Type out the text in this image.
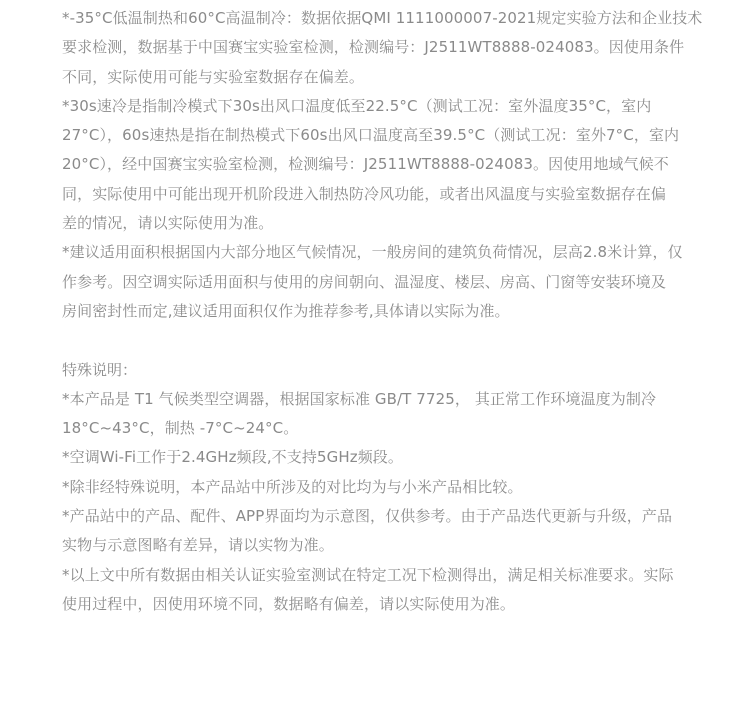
*-35°C低温制热和60°C高温制冷：数据依据QMI 1111000007-2021规定实验方法和企业技术
要求检测，数据基于中国赛宝实验室检测，检测编号：J2511WT8888-024083。因使用条件
不同，实际使用可能与实验室数据存在偏差。
*30s速冷是指制冷模式下30s出风口温度低至22.5°C（测试工况：室外温度35°C，室内
27°C），60s速热是指在制热模式下60s出风口温度高至39.5°C（测试工况：室外7°C，室内
20°C），经中国赛宝实验室检测，检测编号：J2511WT8888-024083。因使用地域气候不
同，实际使用中可能出现开机阶段进入制热防冷风功能，或者出风温度与实验室数据存在偏
差的情况，请以实际使用为准。
*建议适用面积根据国内大部分地区气候情况，一般房间的建筑负荷情况，层高2.8米计算，仅
作参考。因空调实际适用面积与使用的房间朝向、温湿度、楼层、房高、门窗等安装环境及
房间密封性而定,建议适用面积仅作为推荐参考,具体请以实际为准。
特殊说明：
*本产品是 T1 气候类型空调器，根据国家标准 GB/T 7725， 其正常工作环境温度为制冷
18°C~43°C，制热 -7°C~24°C。
*空调Wi-Fi工作于2.4GHz频段,不支持5GHz频段。
*除非经特殊说明，本产品站中所涉及的对比均为与小米产品相比较。
*产品站中的产品、配件、APP界面均为示意图，仅供参考。由于产品迭代更新与升级，产品
实物与示意图略有差异，请以实物为准。
*以上文中所有数据由相关认证实验室测试在特定工况下检测得出，满足相关标准要求。实际
使用过程中，因使用环境不同，数据略有偏差，请以实际使用为准。
